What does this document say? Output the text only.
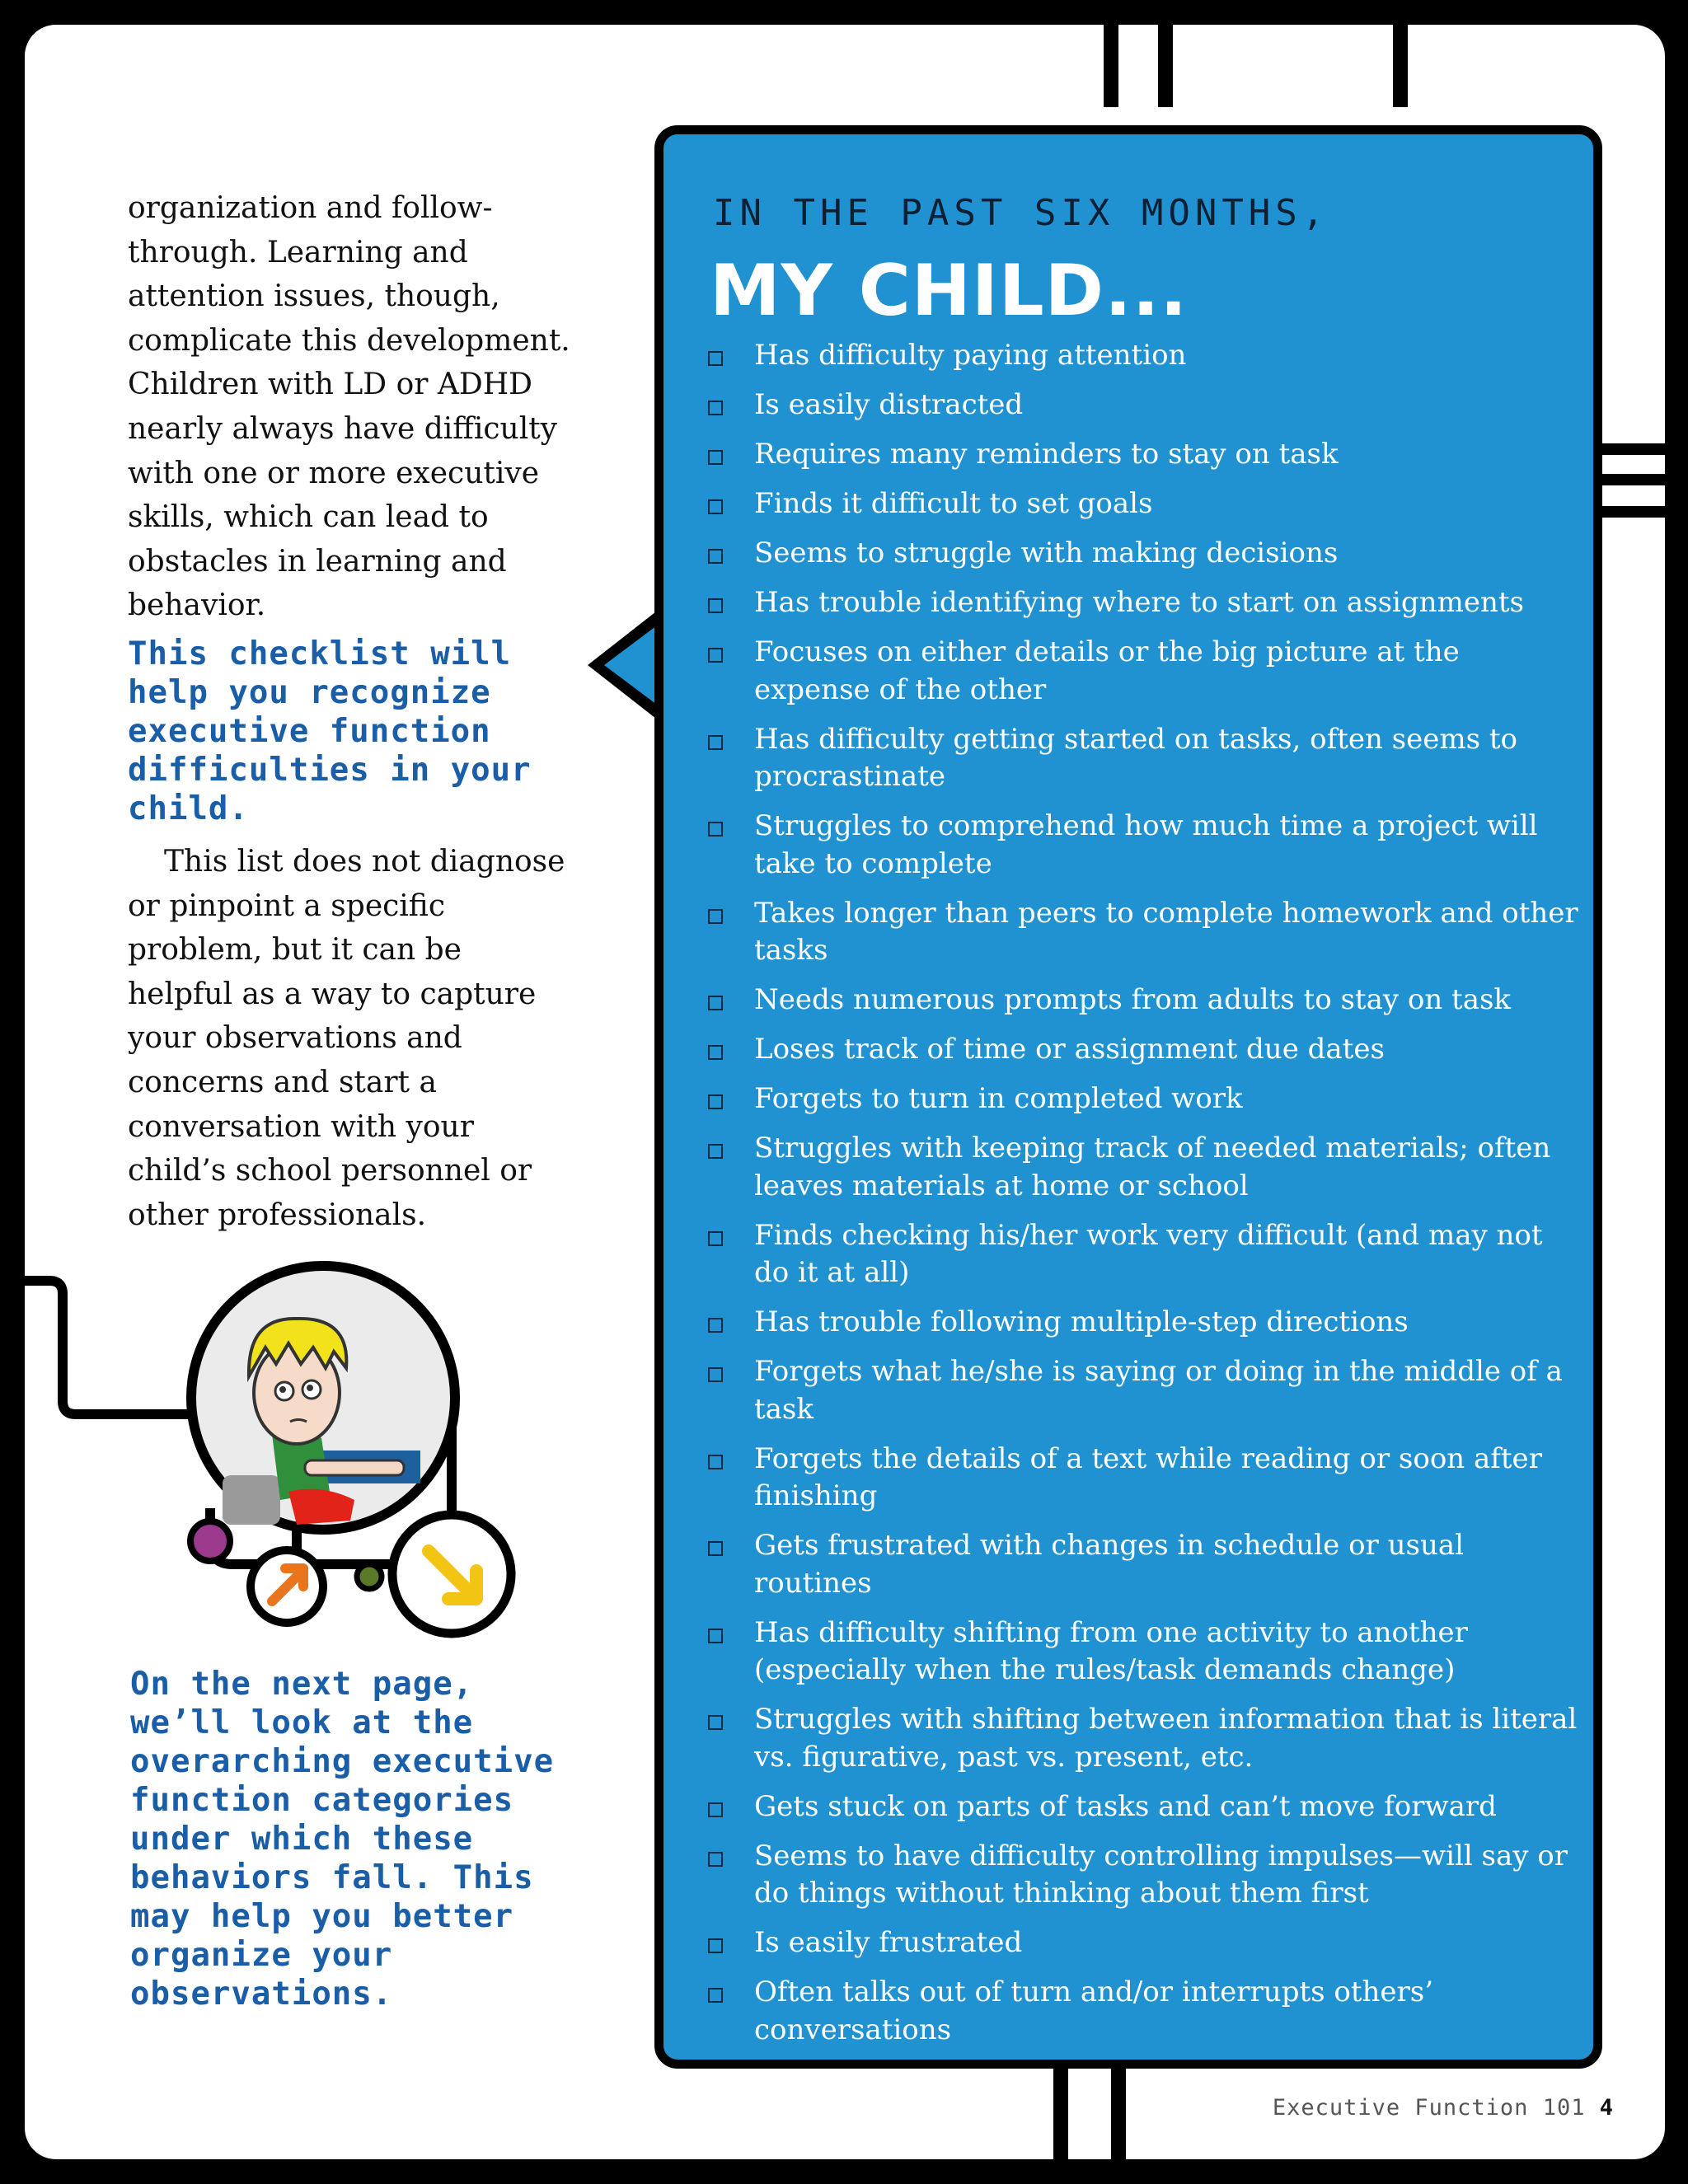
organization and follow-through. Learning and attention issues, though, complicate this development. Children with LD or ADHD nearly always have difficulty with one or more executive skills, which can lead to obstacles in learning and behavior.
This checklist will help you recognize executive function difficulties in your child.
This list does not diagnose or pinpoint a specific problem, but it can be helpful as a way to capture your observations and concerns and start a conversation with your child’s school personnel or other professionals.
On the next page, we’ll look at the overarching executive function categories under which these behaviors fall. This may help you better organize your observations.
IN THE PAST SIX MONTHS,
MY CHILD...
Has difficulty paying attention
Is easily distracted
Requires many reminders to stay on task
Finds it difficult to set goals
Seems to struggle with making decisions
Has trouble identifying where to start on assignments
Focuses on either details or the big picture at the expense of the other
Has difficulty getting started on tasks, often seems to procrastinate
Struggles to comprehend how much time a project will take to complete
Takes longer than peers to complete homework and other tasks
Needs numerous prompts from adults to stay on task
Loses track of time or assignment due dates
Forgets to turn in completed work
Struggles with keeping track of needed materials; often leaves materials at home or school
Finds checking his/her work very difficult (and may not do it at all)
Has trouble following multiple-step directions
Forgets what he/she is saying or doing in the middle of a task
Forgets the details of a text while reading or soon after finishing
Gets frustrated with changes in schedule or usual routines
Has difficulty shifting from one activity to another (especially when the rules/task demands change)
Struggles with shifting between information that is literal vs. figurative, past vs. present, etc.
Gets stuck on parts of tasks and can’t move forward
Seems to have difficulty controlling impulses—will say or do things without thinking about them first
Is easily frustrated
Often talks out of turn and/or interrupts others’ conversations
Executive Function 101 4
